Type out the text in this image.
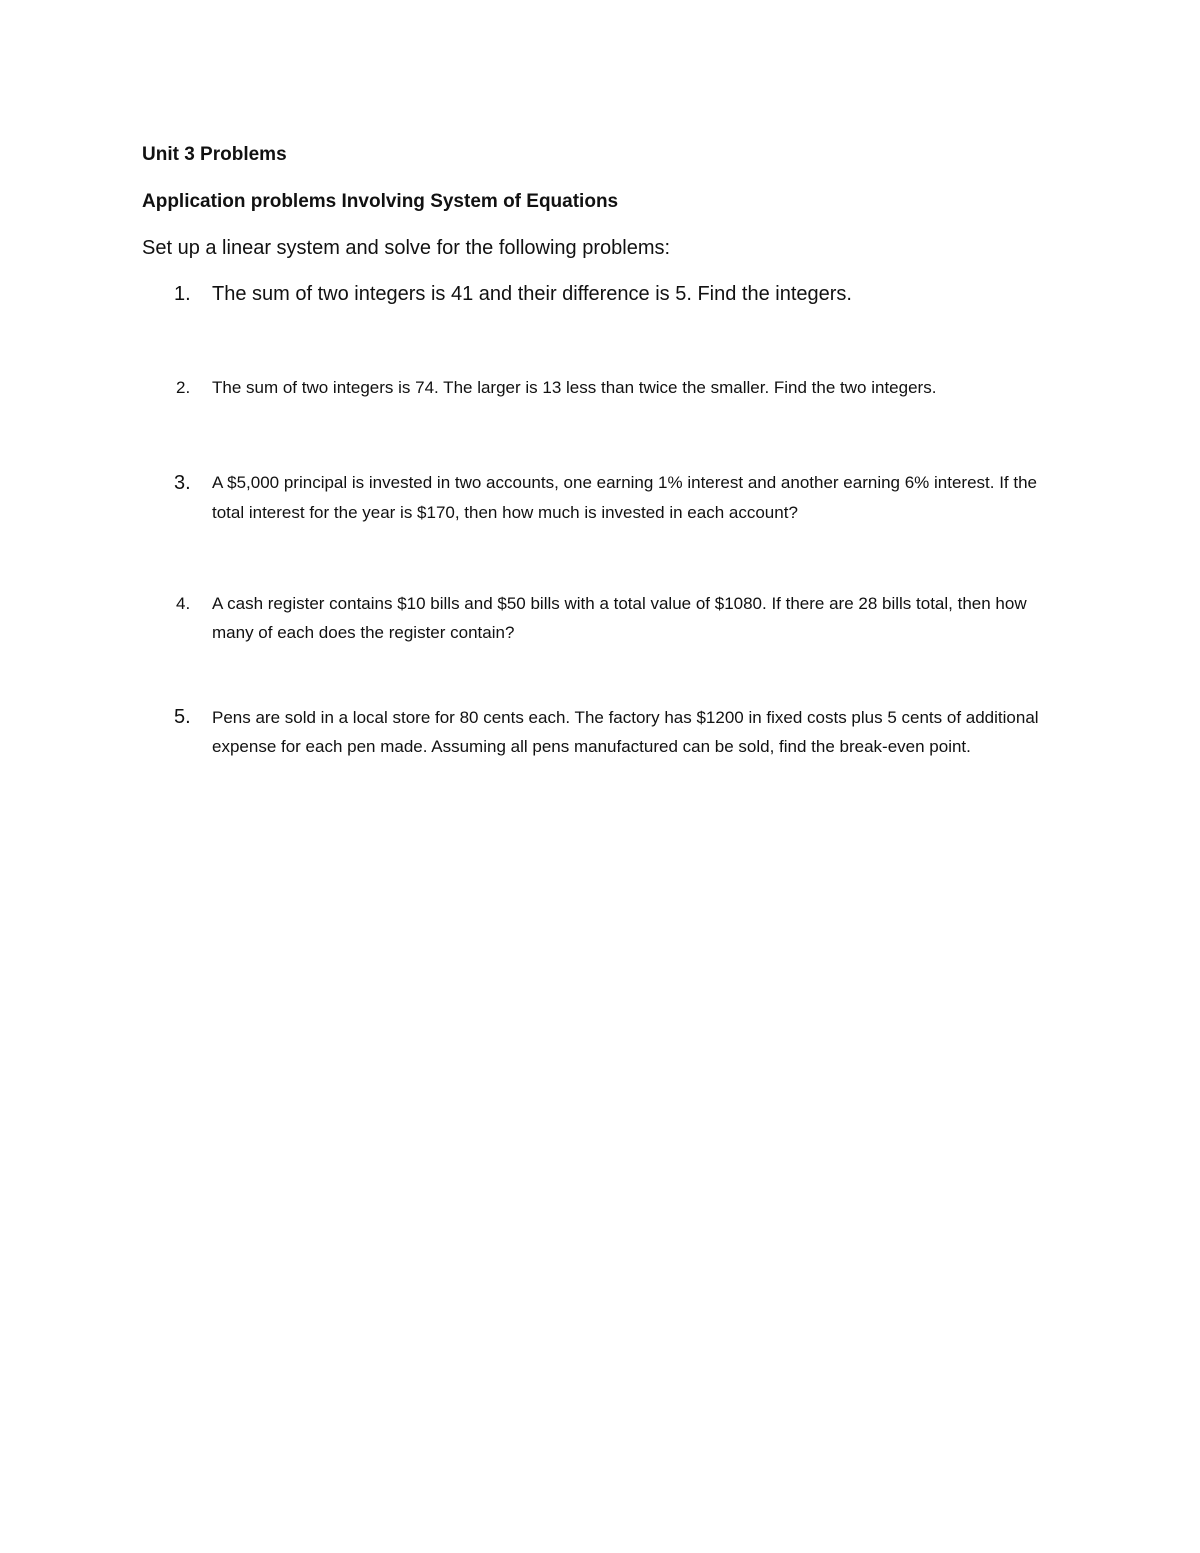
Unit 3 Problems
Application problems Involving System of Equations
Set up a linear system and solve for the following problems:
1. The sum of two integers is 41 and their difference is 5. Find the integers.
2. The sum of two integers is 74. The larger is 13 less than twice the smaller. Find the two integers.
3. A $5,000 principal is invested in two accounts, one earning 1% interest and another earning 6% interest. If the total interest for the year is $170, then how much is invested in each account?
4. A cash register contains $10 bills and $50 bills with a total value of $1080. If there are 28 bills total, then how many of each does the register contain?
5. Pens are sold in a local store for 80 cents each. The factory has $1200 in fixed costs plus 5 cents of additional expense for each pen made. Assuming all pens manufactured can be sold, find the break-even point.
